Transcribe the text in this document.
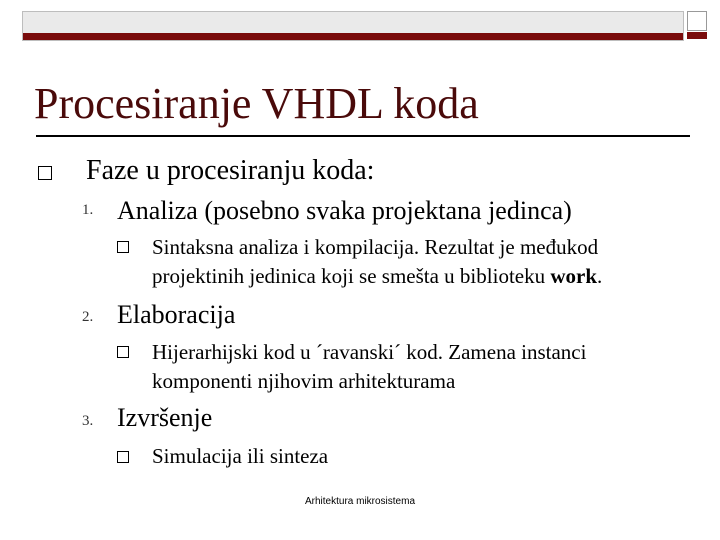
Procesiranje VHDL koda
Faze u procesiranju koda:
1. Analiza (posebno svaka projektana jedinca)
Sintaksna analiza i kompilacija. Rezultat je međukod
projektinih jedinica koji se smešta u biblioteku work.
2. Elaboracija
Hijerarhijski kod u ´ravanski´ kod. Zamena instanci
komponenti njihovim arhitekturama
3. Izvršenje
Simulacija ili sinteza
Arhitektura mikrosistema
